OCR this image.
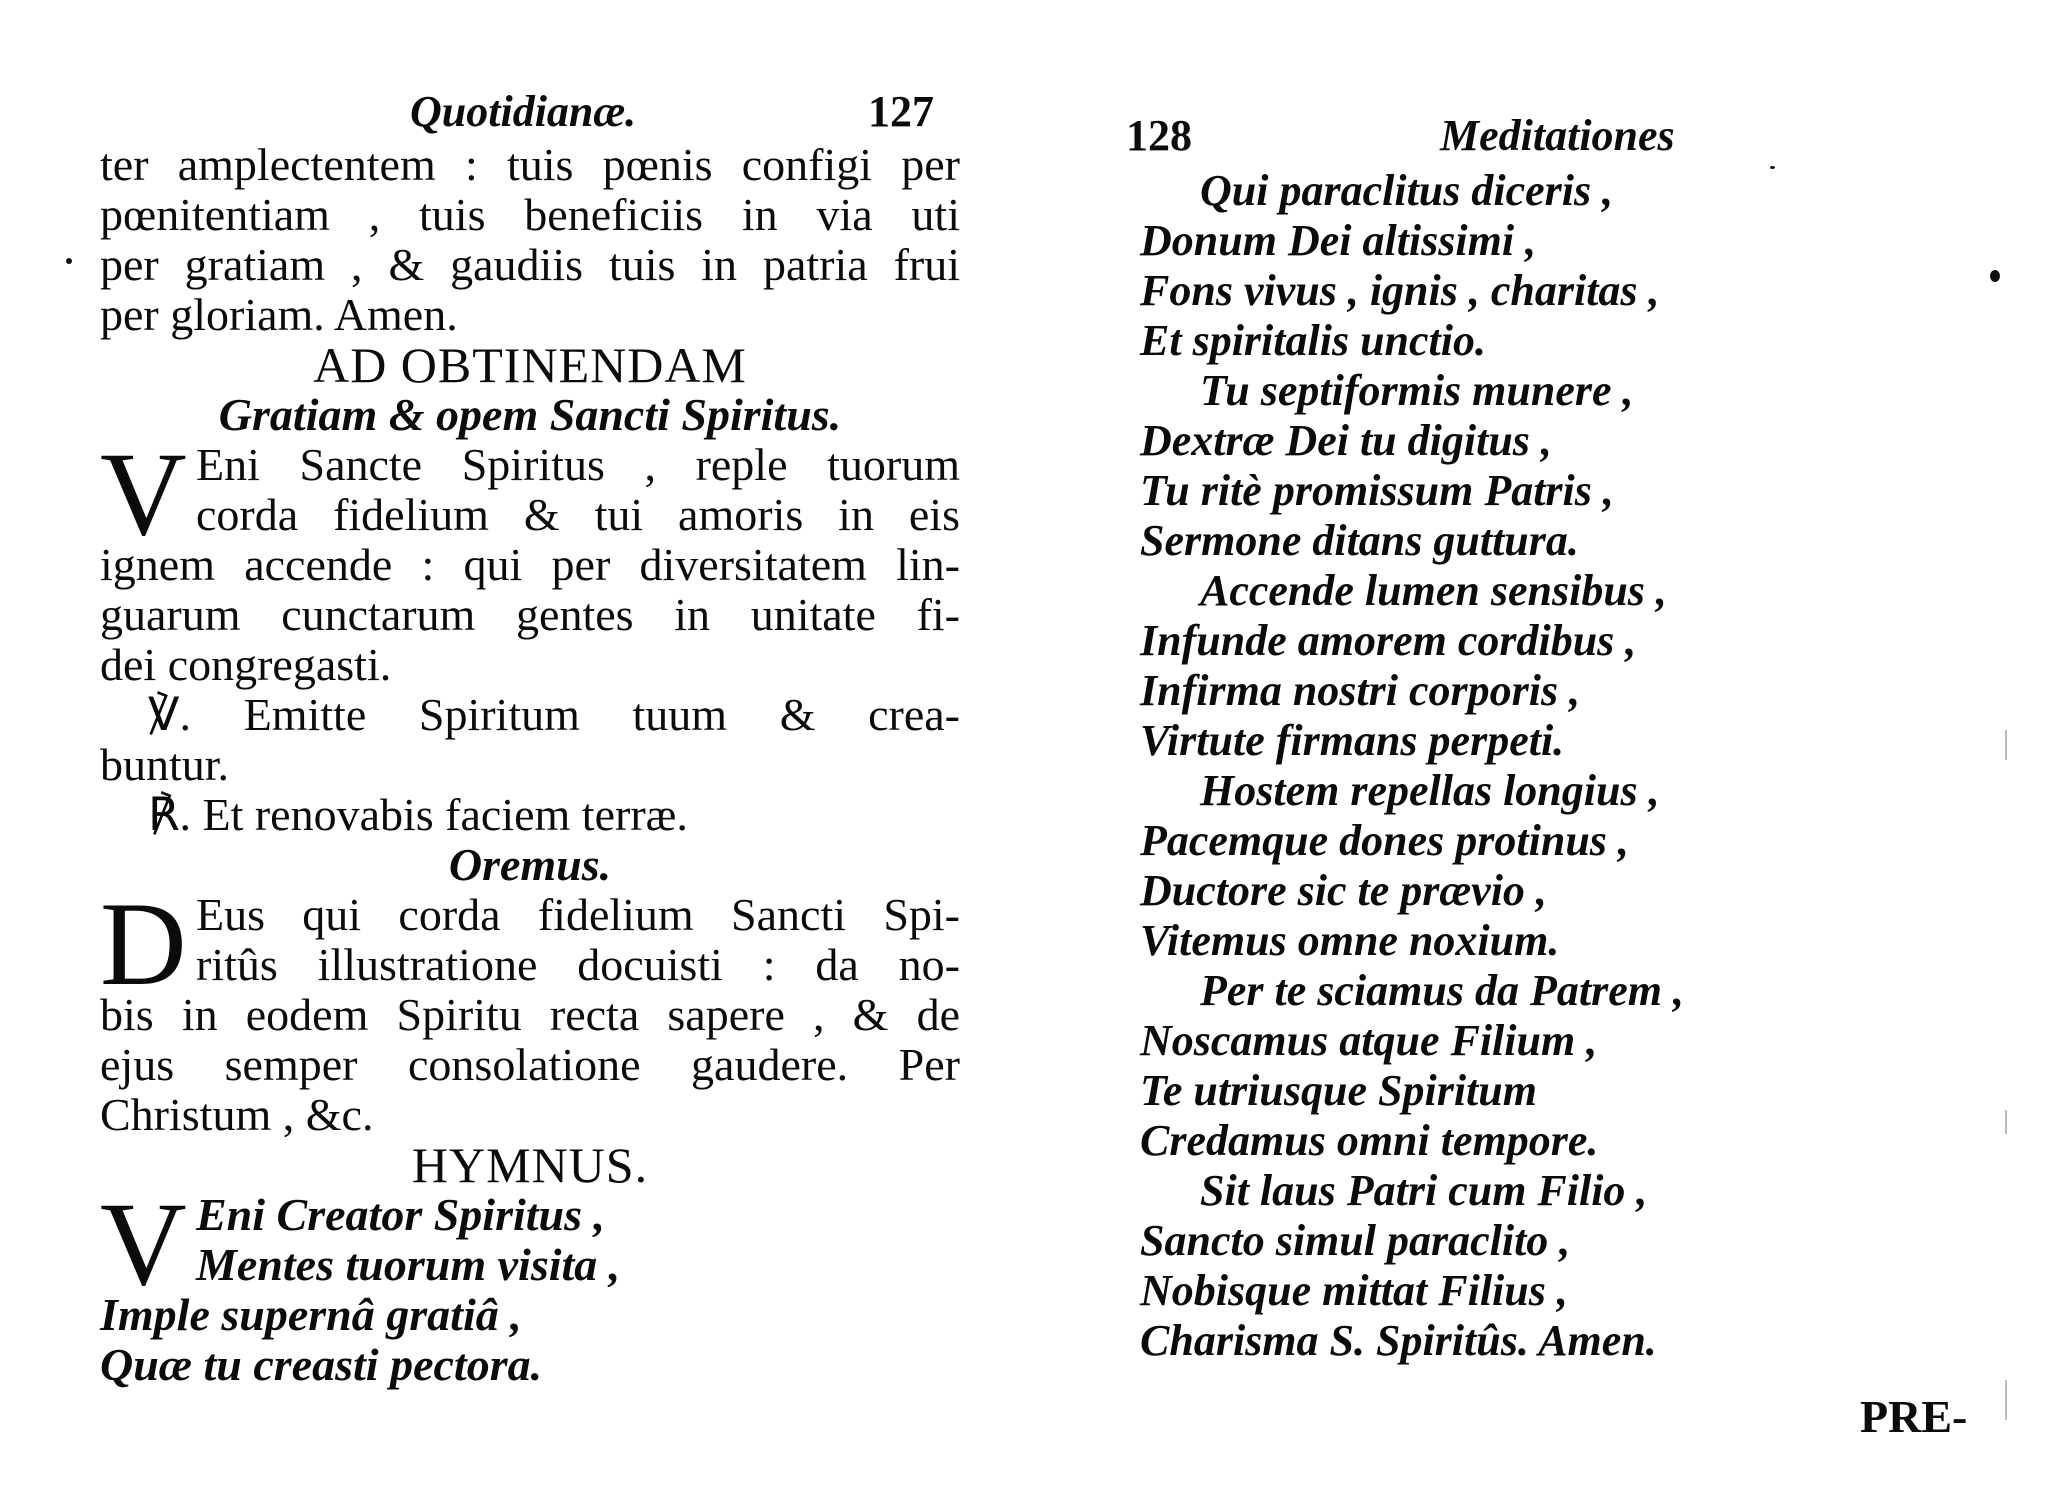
Quotidianæ.	127
ter amplectentem : tuis pœnis configi per
pœnitentiam , tuis beneficiis in via uti
per gratiam , & gaudiis tuis in patria frui
per gloriam. Amen.
AD OBTINENDAM
Gratiam & opem Sancti Spiritus.
V Eni Sancte Spiritus , reple tuorum
corda fidelium & tui amoris in eis
ignem accende : qui per diversitatem lin-
guarum cunctarum gentes in unitate fi-
dei congregasti.
℣. Emitte Spiritum tuum & crea-
buntur.
℟. Et renovabis faciem terræ.
Oremus.
D Eus qui corda fidelium Sancti Spi-
ritûs illustratione docuisti : da no-
bis in eodem Spiritu recta sapere , & de
ejus semper consolatione gaudere. Per
Christum , &c.
HYMNUS.
V Eni Creator Spiritus ,
Mentes tuorum visita ,
Imple supernâ gratiâ ,
Quæ tu creasti pectora.
128	Meditationes
Qui paraclitus diceris ,
Donum Dei altissimi ,
Fons vivus , ignis , charitas ,
Et spiritalis unctio.
Tu septiformis munere ,
Dextræ Dei tu digitus ,
Tu ritè promissum Patris ,
Sermone ditans guttura.
Accende lumen sensibus ,
Infunde amorem cordibus ,
Infirma nostri corporis ,
Virtute firmans perpeti.
Hostem repellas longius ,
Pacemque dones protinus ,
Ductore sic te prævio ,
Vitemus omne noxium.
Per te sciamus da Patrem ,
Noscamus atque Filium ,
Te utriusque Spiritum
Credamus omni tempore.
Sit laus Patri cum Filio ,
Sancto simul paraclito ,
Nobisque mittat Filius ,
Charisma S. Spiritûs. Amen.
PRE-
